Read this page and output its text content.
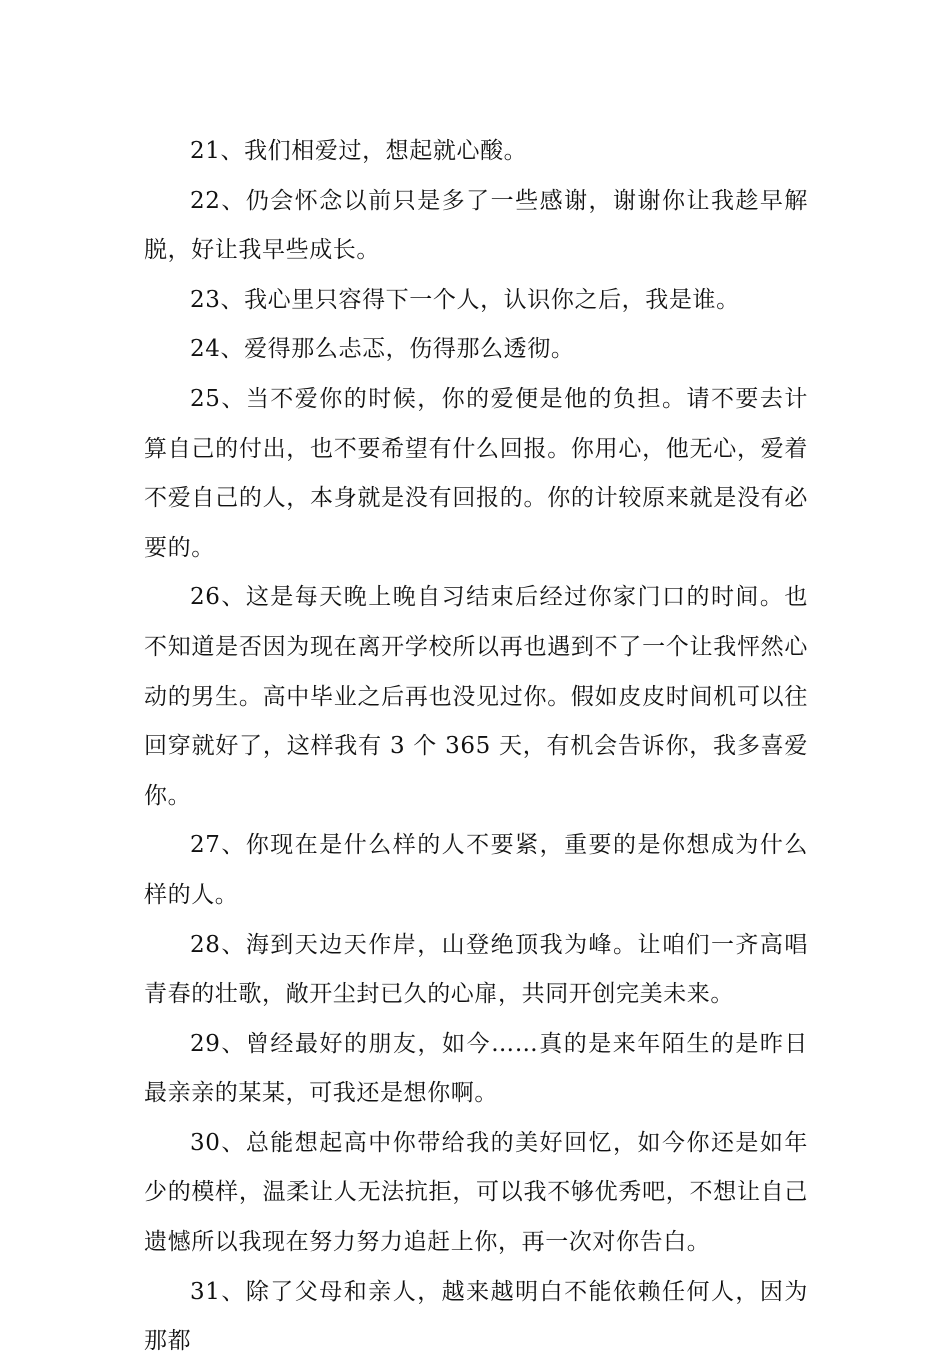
21、我们相爱过，想起就心酸。

22、仍会怀念以前只是多了一些感谢，谢谢你让我趁早解脱，好让我早些成长。

23、我心里只容得下一个人，认识你之后，我是谁。

24、爱得那么忐忑，伤得那么透彻。

25、当不爱你的时候，你的爱便是他的负担。请不要去计算自己的付出，也不要希望有什么回报。你用心，他无心，爱着不爱自己的人，本身就是没有回报的。你的计较原来就是没有必要的。

26、这是每天晚上晚自习结束后经过你家门口的时间。也不知道是否因为现在离开学校所以再也遇到不了一个让我怦然心动的男生。高中毕业之后再也没见过你。假如皮皮时间机可以往回穿就好了，这样我有 3 个 365 天，有机会告诉你，我多喜爱你。

27、你现在是什么样的人不要紧，重要的是你想成为什么样的人。

28、海到天边天作岸，山登绝顶我为峰。让咱们一齐高唱青春的壮歌，敞开尘封已久的心扉，共同开创完美未来。

29、曾经最好的朋友，如今……真的是来年陌生的是昨日最亲亲的某某，可我还是想你啊。

30、总能想起高中你带给我的美好回忆，如今你还是如年少的模样，温柔让人无法抗拒，可以我不够优秀吧，不想让自己遗憾所以我现在努力努力追赶上你，再一次对你告白。

31、除了父母和亲人，越来越明白不能依赖任何人，因为那都
